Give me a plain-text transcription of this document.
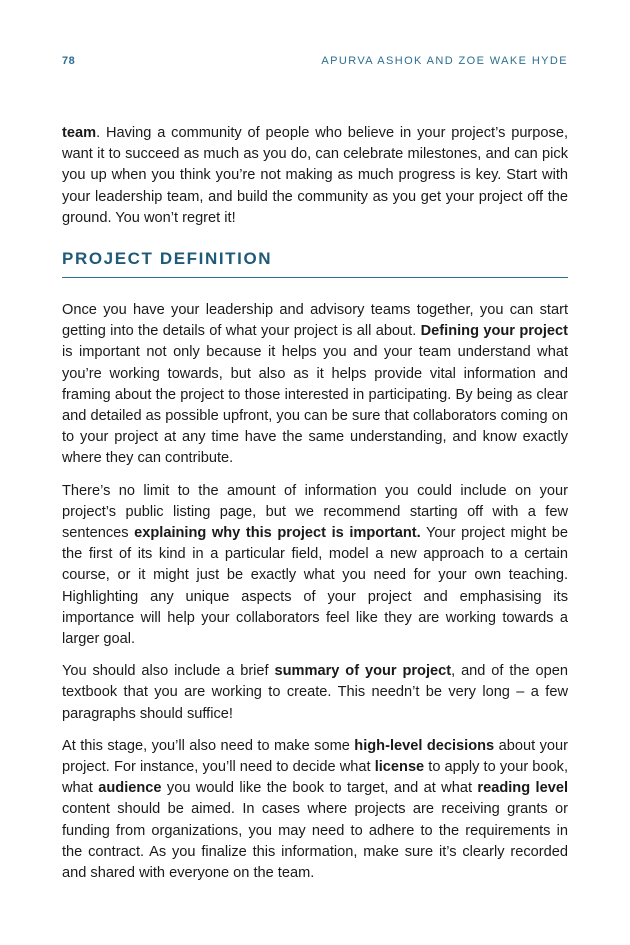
78	APURVA ASHOK AND ZOE WAKE HYDE

team. Having a community of people who believe in your project’s purpose, want it to succeed as much as you do, can celebrate milestones, and can pick you up when you think you’re not making as much progress is key. Start with your leadership team, and build the community as you get your project off the ground. You won’t regret it!

PROJECT DEFINITION

Once you have your leadership and advisory teams together, you can start getting into the details of what your project is all about. Defining your project is important not only because it helps you and your team understand what you’re working towards, but also as it helps provide vital information and framing about the project to those interested in participating. By being as clear and detailed as possible upfront, you can be sure that collaborators coming on to your project at any time have the same understanding, and know exactly where they can contribute.

There’s no limit to the amount of information you could include on your project’s public listing page, but we recommend starting off with a few sentences explaining why this project is important. Your project might be the first of its kind in a particular field, model a new approach to a certain course, or it might just be exactly what you need for your own teaching. Highlighting any unique aspects of your project and emphasising its importance will help your collaborators feel like they are working towards a larger goal.

You should also include a brief summary of your project, and of the open textbook that you are working to create. This needn’t be very long – a few paragraphs should suffice!

At this stage, you’ll also need to make some high-level decisions about your project. For instance, you’ll need to decide what license to apply to your book, what audience you would like the book to target, and at what reading level content should be aimed. In cases where projects are receiving grants or funding from organizations, you may need to adhere to the requirements in the contract. As you finalize this information, make sure it’s clearly recorded and shared with everyone on the team.
